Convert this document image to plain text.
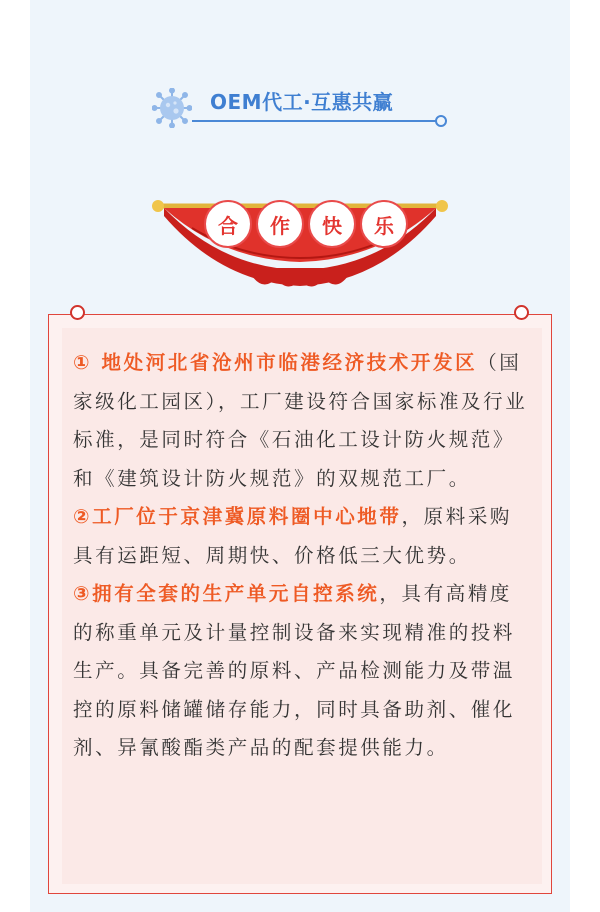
OEM代工·互惠共赢
合	作	快	乐

① 地处河北省沧州市临港经济技术开发区（国家级化工园区），工厂建设符合国家标准及行业标准，是同时符合《石油化工设计防火规范》和《建筑设计防火规范》的双规范工厂。

②工厂位于京津冀原料圈中心地带，原料采购具有运距短、周期快、价格低三大优势。

③拥有全套的生产单元自控系统，具有高精度的称重单元及计量控制设备来实现精准的投料生产。具备完善的原料、产品检测能力及带温控的原料储罐储存能力，同时具备助剂、催化剂、异氰酸酯类产品的配套提供能力。
